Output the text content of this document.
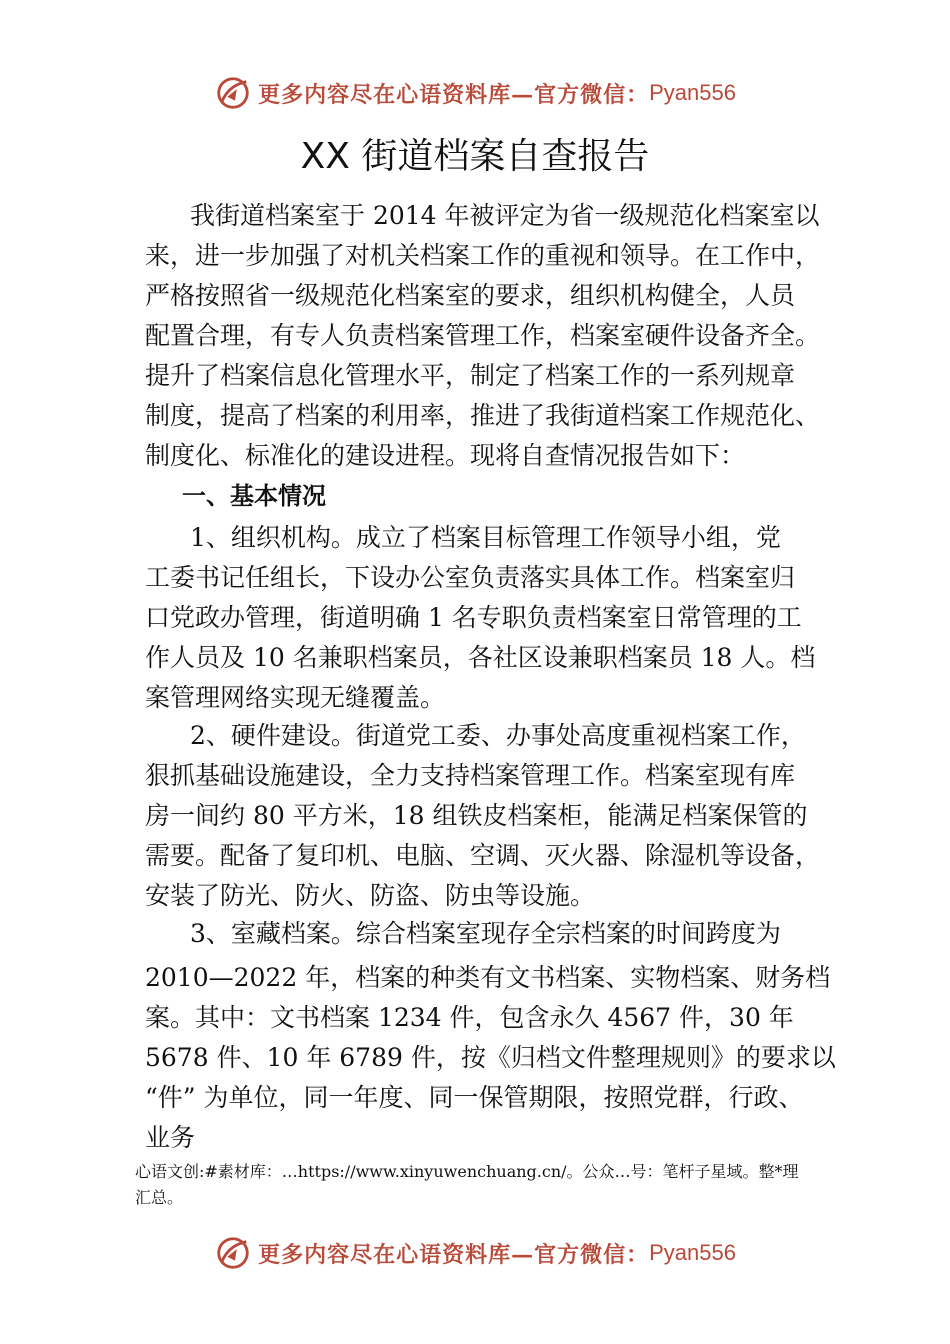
更多内容尽在心语资料库—官方微信： Pyan556
XX 街道档案自查报告
我街道档案室于 2014 年被评定为省一级规范化档案室以
来，进一步加强了对机关档案工作的重视和领导。在工作中，
严格按照省一级规范化档案室的要求，组织机构健全，人员
配置合理，有专人负责档案管理工作，档案室硬件设备齐全。
提升了档案信息化管理水平，制定了档案工作的一系列规章
制度，提高了档案的利用率，推进了我街道档案工作规范化、
制度化、标准化的建设进程。现将自查情况报告如下：
一、基本情况
1、组织机构。成立了档案目标管理工作领导小组，党
工委书记任组长，下设办公室负责落实具体工作。档案室归
口党政办管理，街道明确 1 名专职负责档案室日常管理的工
作人员及 10 名兼职档案员，各社区设兼职档案员 18 人。档
案管理网络实现无缝覆盖。
2、硬件建设。街道党工委、办事处高度重视档案工作，
狠抓基础设施建设，全力支持档案管理工作。档案室现有库
房一间约 80 平方米，18 组铁皮档案柜，能满足档案保管的
需要。配备了复印机、电脑、空调、灭火器、除湿机等设备，
安装了防光、防火、防盗、防虫等设施。
3、室藏档案。综合档案室现存全宗档案的时间跨度为
2010—2022 年，档案的种类有文书档案、实物档案、财务档
案。其中：文书档案 1234 件，包含永久 4567 件，30 年
5678 件、10 年 6789 件，按《归档文件整理规则》的要求以
“件” 为单位，同一年度、同一保管期限，按照党群，行政、
业务
心语文创:#素材库：…https://www.xinyuwenchuang.cn/。公众…号：笔杆子星域。整*理
汇总。
更多内容尽在心语资料库—官方微信： Pyan556
